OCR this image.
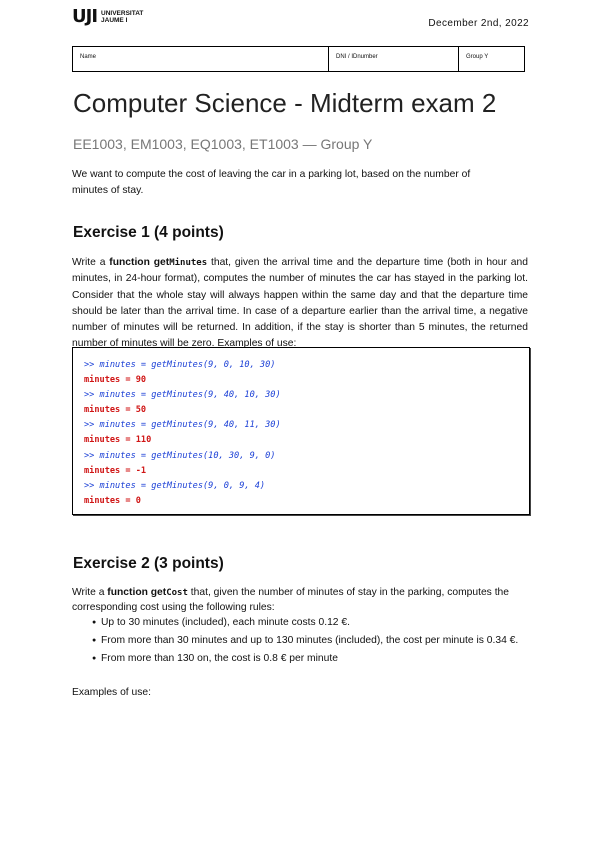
UJI UNIVERSITAT
JAUME I	December 2nd, 2022
Name	DNI / IDnumber	Group Y
Computer Science - Midterm exam 2
EE1003, EM1003, EQ1003, ET1003 — Group Y
We want to compute the cost of leaving the car in a parking lot, based on the number of minutes of stay.
Exercise 1 (4 points)
Write a function getMinutes that, given the arrival time and the departure time (both in hour and minutes, in 24-hour format), computes the number of minutes the car has stayed in the parking lot. Consider that the whole stay will always happen within the same day and that the departure time should be later than the arrival time. In case of a departure earlier than the arrival time, a negative number of minutes will be returned. In addition, if the stay is shorter than 5 minutes, the returned number of minutes will be zero. Examples of use:
>> minutes = getMinutes(9, 0, 10, 30)
minutes = 90
>> minutes = getMinutes(9, 40, 10, 30)
minutes = 50
>> minutes = getMinutes(9, 40, 11, 30)
minutes = 110
>> minutes = getMinutes(10, 30, 9, 0)
minutes = -1
>> minutes = getMinutes(9, 0, 9, 4)
minutes = 0
Exercise 2 (3 points)
Write a function getCost that, given the number of minutes of stay in the parking, computes the corresponding cost using the following rules:
● Up to 30 minutes (included), each minute costs 0.12 €.
● From more than 30 minutes and up to 130 minutes (included), the cost per minute is 0.34 €.
● From more than 130 on, the cost is 0.8 € per minute
Examples of use:
